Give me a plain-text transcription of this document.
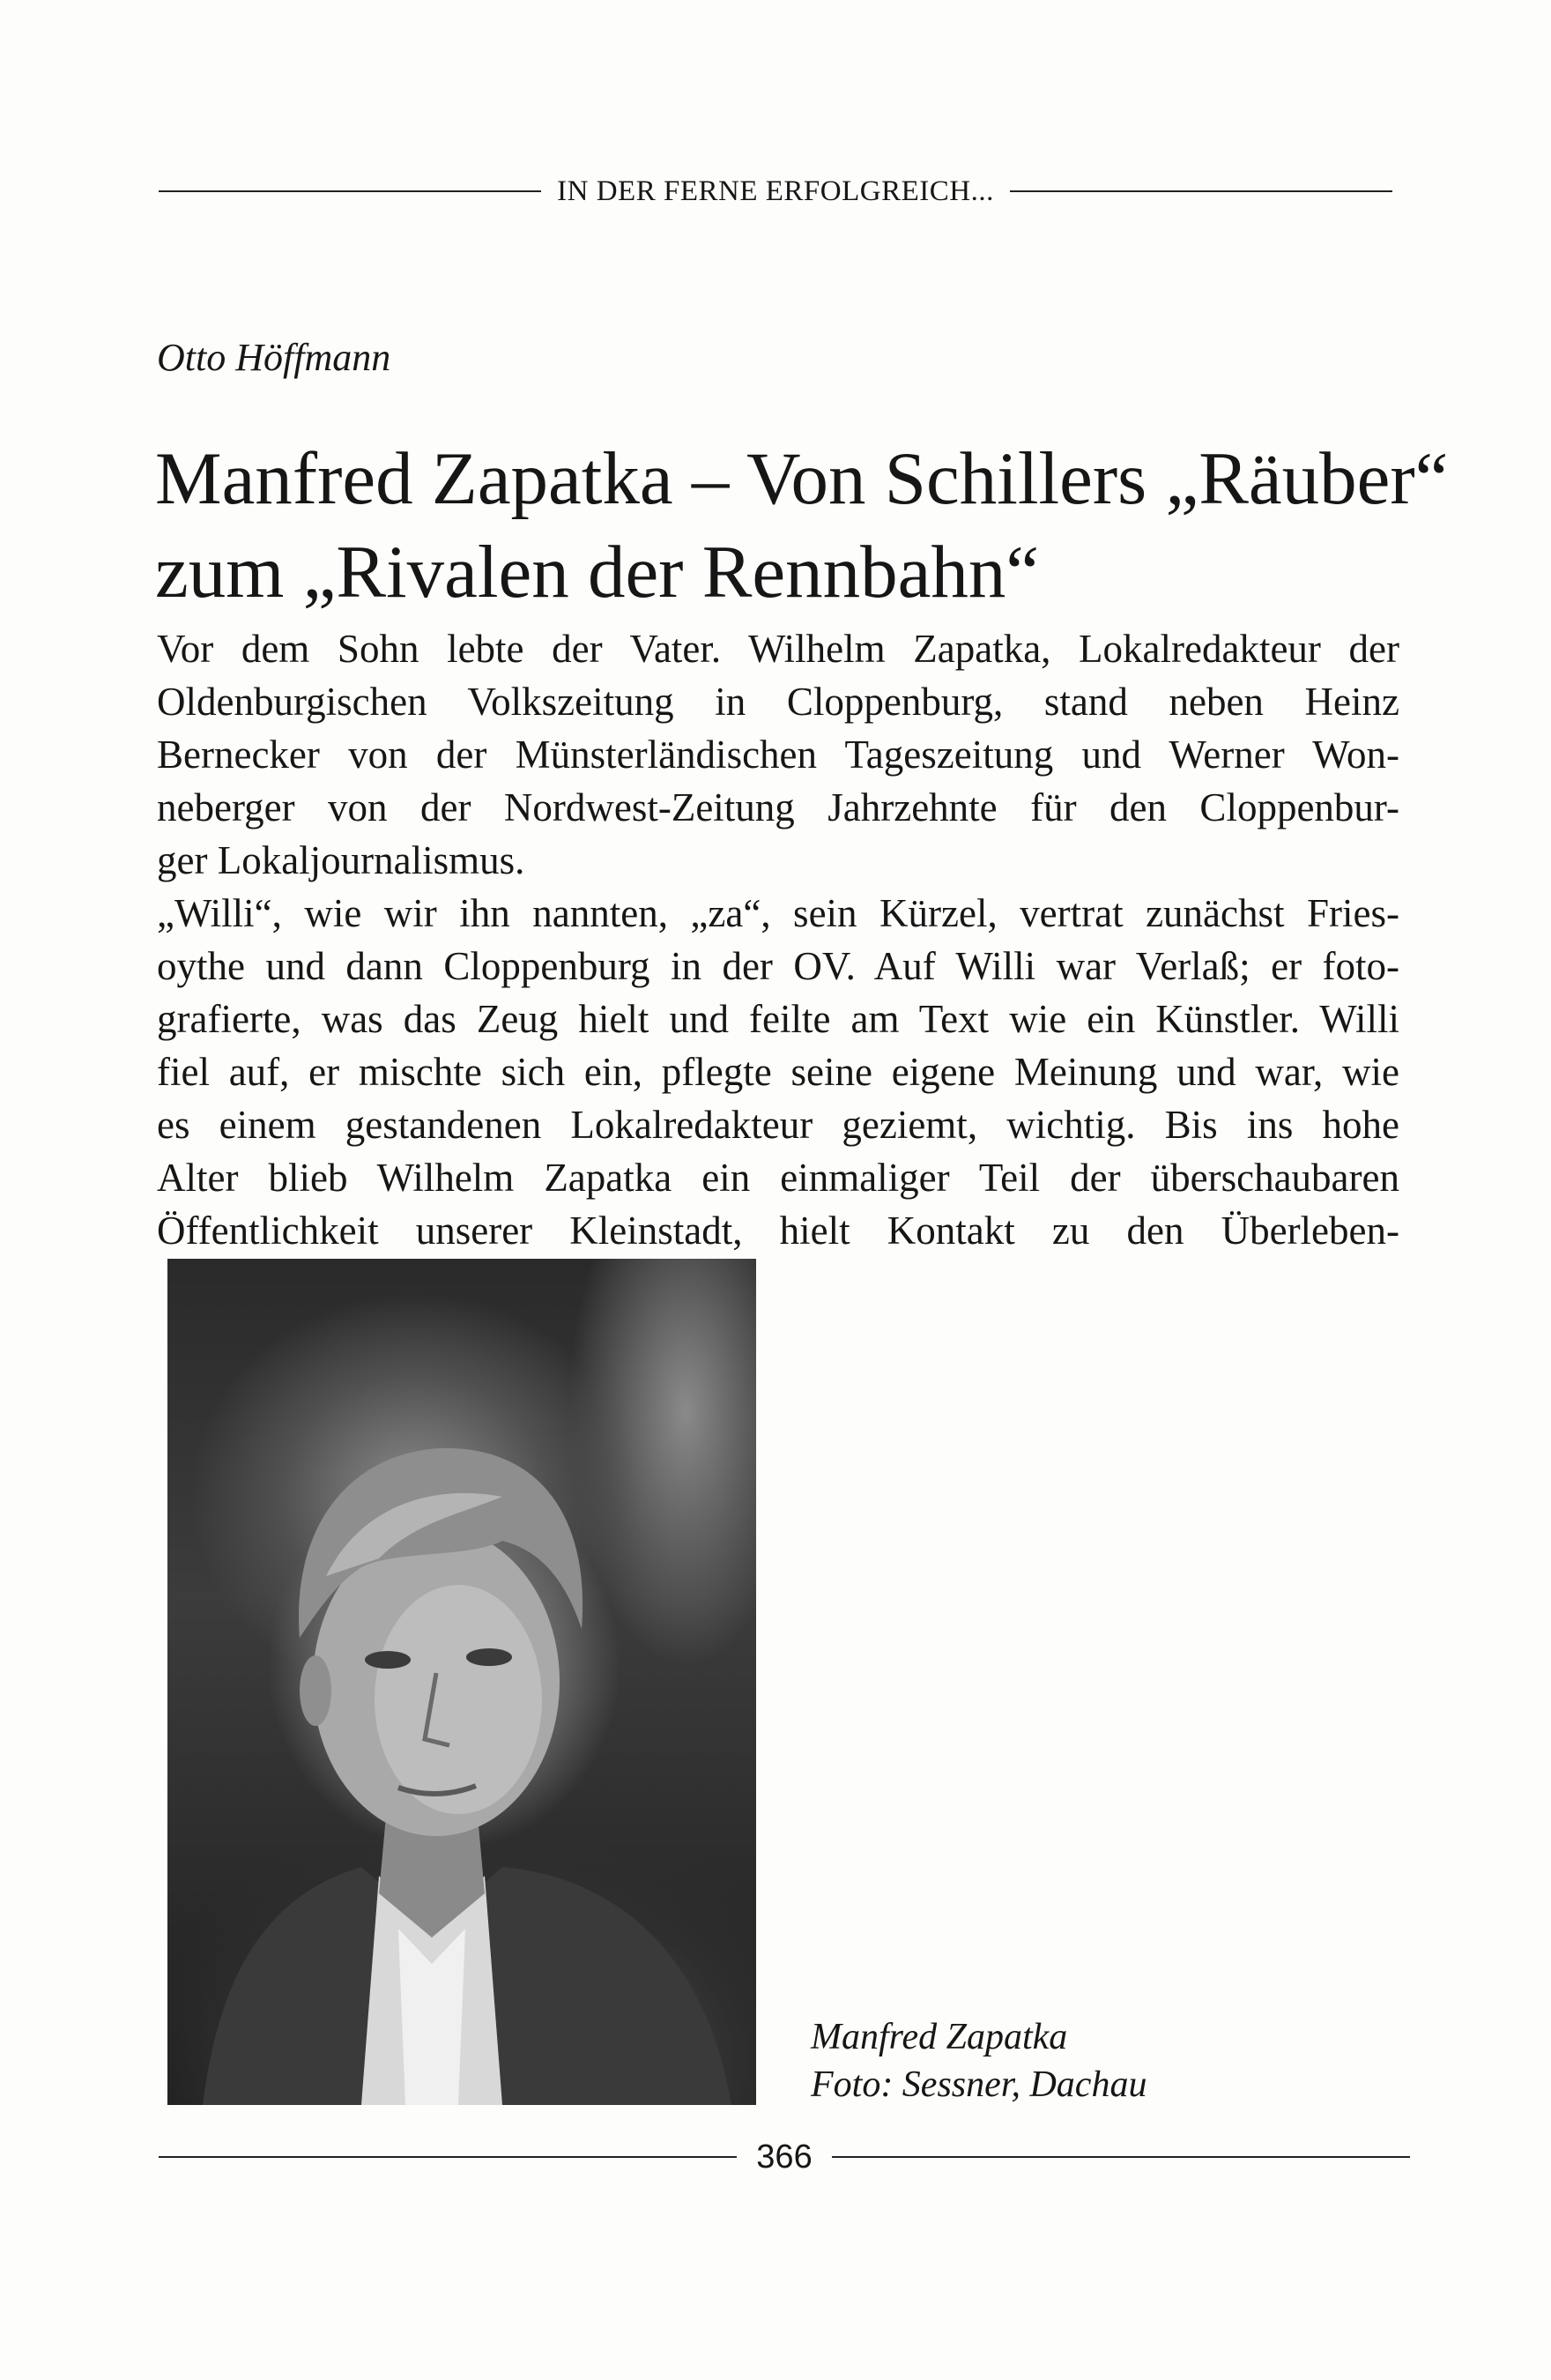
IN DER FERNE ERFOLGREICH...
Otto Höffmann
Manfred Zapatka – Von Schillers „Räuber“
zum „Rivalen der Rennbahn“
Vor dem Sohn lebte der Vater. Wilhelm Zapatka, Lokalredakteur der
Oldenburgischen Volkszeitung in Cloppenburg, stand neben Heinz
Bernecker von der Münsterländischen Tageszeitung und Werner Won-
neberger von der Nordwest-Zeitung Jahrzehnte für den Cloppenbur-
ger Lokaljournalismus.
„Willi“, wie wir ihn nannten, „za“, sein Kürzel, vertrat zunächst Fries-
oythe und dann Cloppenburg in der OV. Auf Willi war Verlaß; er foto-
grafierte, was das Zeug hielt und feilte am Text wie ein Künstler. Willi
fiel auf, er mischte sich ein, pflegte seine eigene Meinung und war, wie
es einem gestandenen Lokalredakteur geziemt, wichtig. Bis ins hohe
Alter blieb Wilhelm Zapatka ein einmaliger Teil der überschaubaren
Öffentlichkeit unserer Kleinstadt, hielt Kontakt zu den Überleben-
Manfred Zapatka
Foto: Sessner, Dachau
366
